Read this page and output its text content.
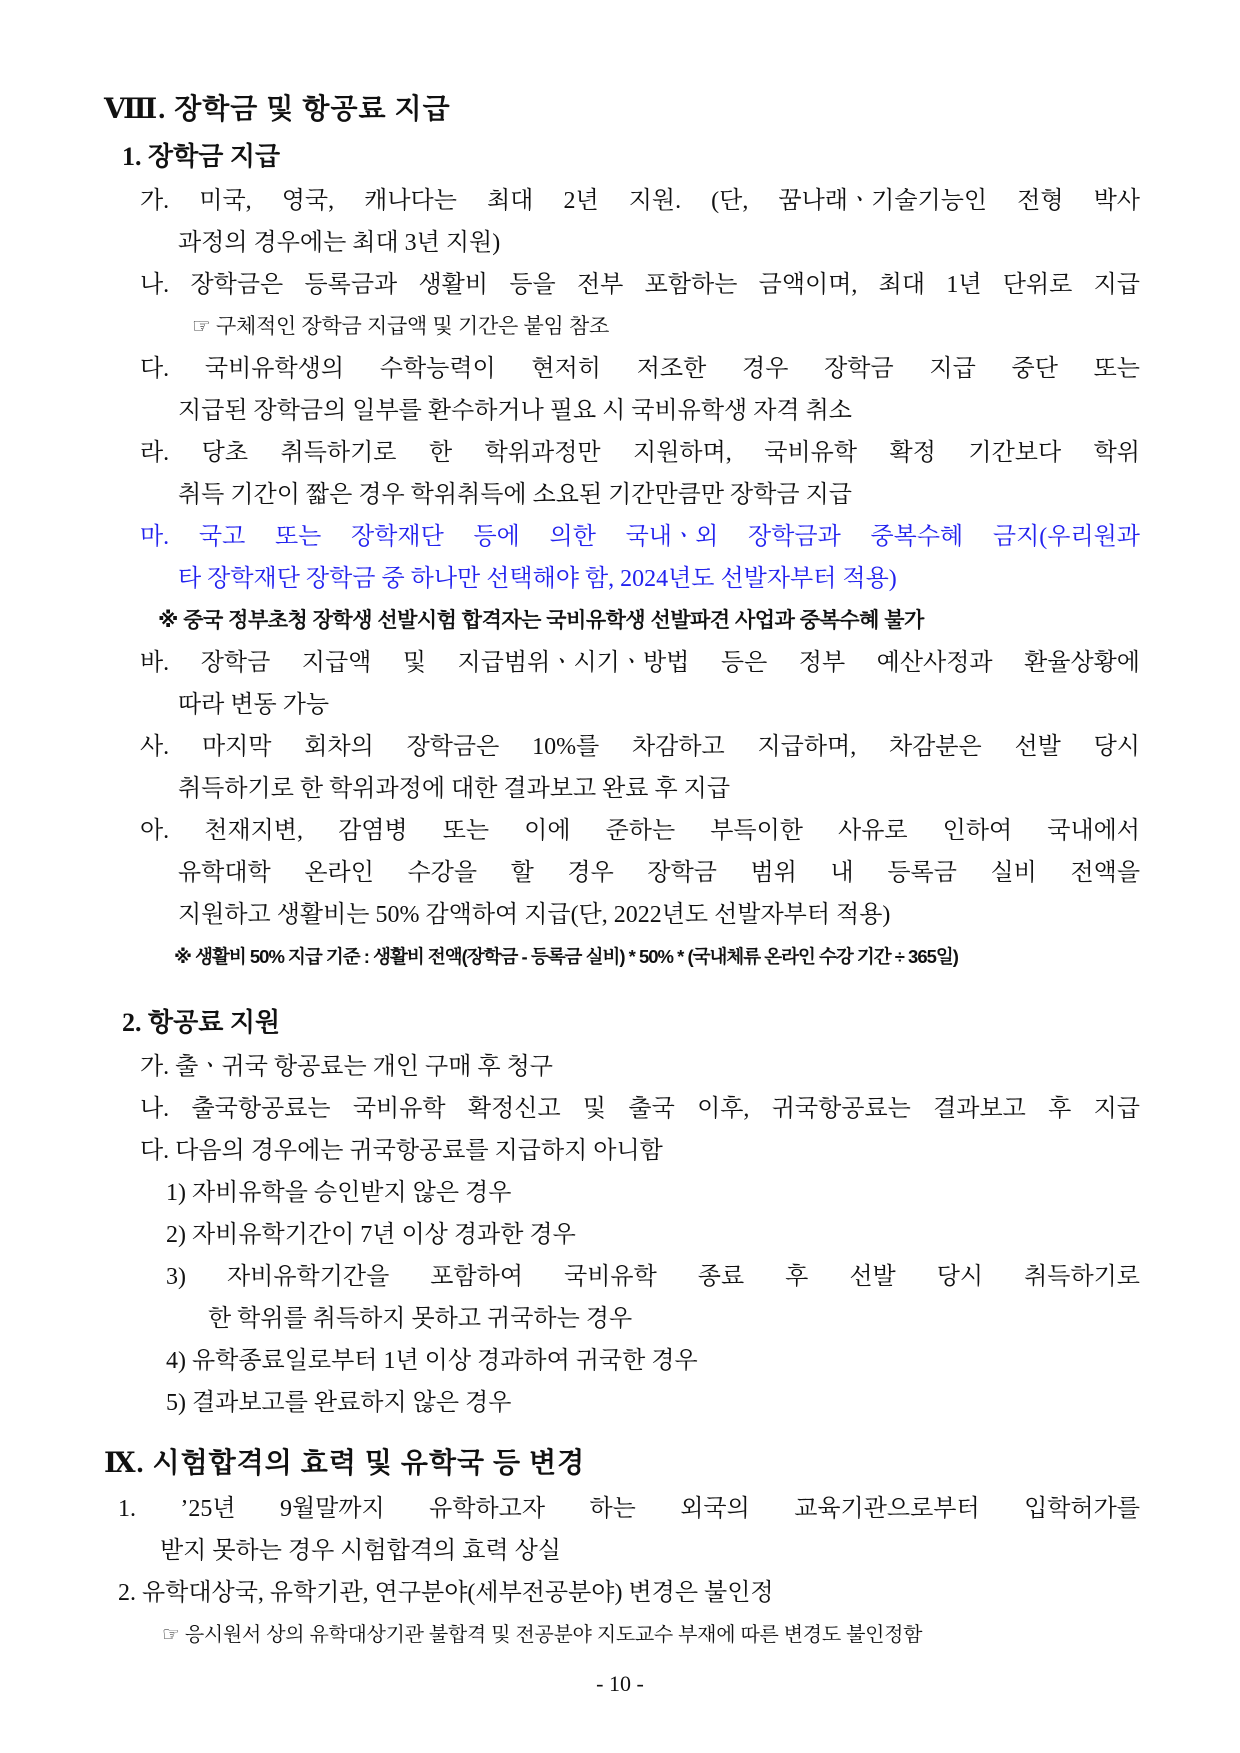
Ⅷ. 장학금 및 항공료 지급
1. 장학금 지급
가. 미국, 영국, 캐나다는 최대 2년 지원. (단, 꿈나래ㆍ기술기능인 전형 박사
과정의 경우에는 최대 3년 지원)
나. 장학금은 등록금과 생활비 등을 전부 포함하는 금액이며, 최대 1년 단위로 지급
☞ 구체적인 장학금 지급액 및 기간은 붙임 참조
다. 국비유학생의 수학능력이 현저히 저조한 경우 장학금 지급 중단 또는
지급된 장학금의 일부를 환수하거나 필요 시 국비유학생 자격 취소
라. 당초 취득하기로 한 학위과정만 지원하며, 국비유학 확정 기간보다 학위
취득 기간이 짧은 경우 학위취득에 소요된 기간만큼만 장학금 지급
마. 국고 또는 장학재단 등에 의한 국내ㆍ외 장학금과 중복수혜 금지(우리원과
타 장학재단 장학금 중 하나만 선택해야 함, 2024년도 선발자부터 적용)
※ 중국 정부초청 장학생 선발시험 합격자는 국비유학생 선발파견 사업과 중복수혜 불가
바. 장학금 지급액 및 지급범위ㆍ시기ㆍ방법 등은 정부 예산사정과 환율상황에
따라 변동 가능
사. 마지막 회차의 장학금은 10%를 차감하고 지급하며, 차감분은 선발 당시
취득하기로 한 학위과정에 대한 결과보고 완료 후 지급
아. 천재지변, 감염병 또는 이에 준하는 부득이한 사유로 인하여 국내에서
유학대학 온라인 수강을 할 경우 장학금 범위 내 등록금 실비 전액을
지원하고 생활비는 50% 감액하여 지급(단, 2022년도 선발자부터 적용)
※ 생활비 50% 지급 기준 : 생활비 전액(장학금 - 등록금 실비) * 50% * (국내체류 온라인 수강 기간 ÷ 365일)
2. 항공료 지원
가. 출ㆍ귀국 항공료는 개인 구매 후 청구
나. 출국항공료는 국비유학 확정신고 및 출국 이후, 귀국항공료는 결과보고 후 지급
다. 다음의 경우에는 귀국항공료를 지급하지 아니함
1) 자비유학을 승인받지 않은 경우
2) 자비유학기간이 7년 이상 경과한 경우
3) 자비유학기간을 포함하여 국비유학 종료 후 선발 당시 취득하기로
한 학위를 취득하지 못하고 귀국하는 경우
4) 유학종료일로부터 1년 이상 경과하여 귀국한 경우
5) 결과보고를 완료하지 않은 경우
Ⅸ. 시험합격의 효력 및 유학국 등 변경
1. ’25년 9월말까지 유학하고자 하는 외국의 교육기관으로부터 입학허가를
받지 못하는 경우 시험합격의 효력 상실
2. 유학대상국, 유학기관, 연구분야(세부전공분야) 변경은 불인정
☞ 응시원서 상의 유학대상기관 불합격 및 전공분야 지도교수 부재에 따른 변경도 불인정함
- 10 -
